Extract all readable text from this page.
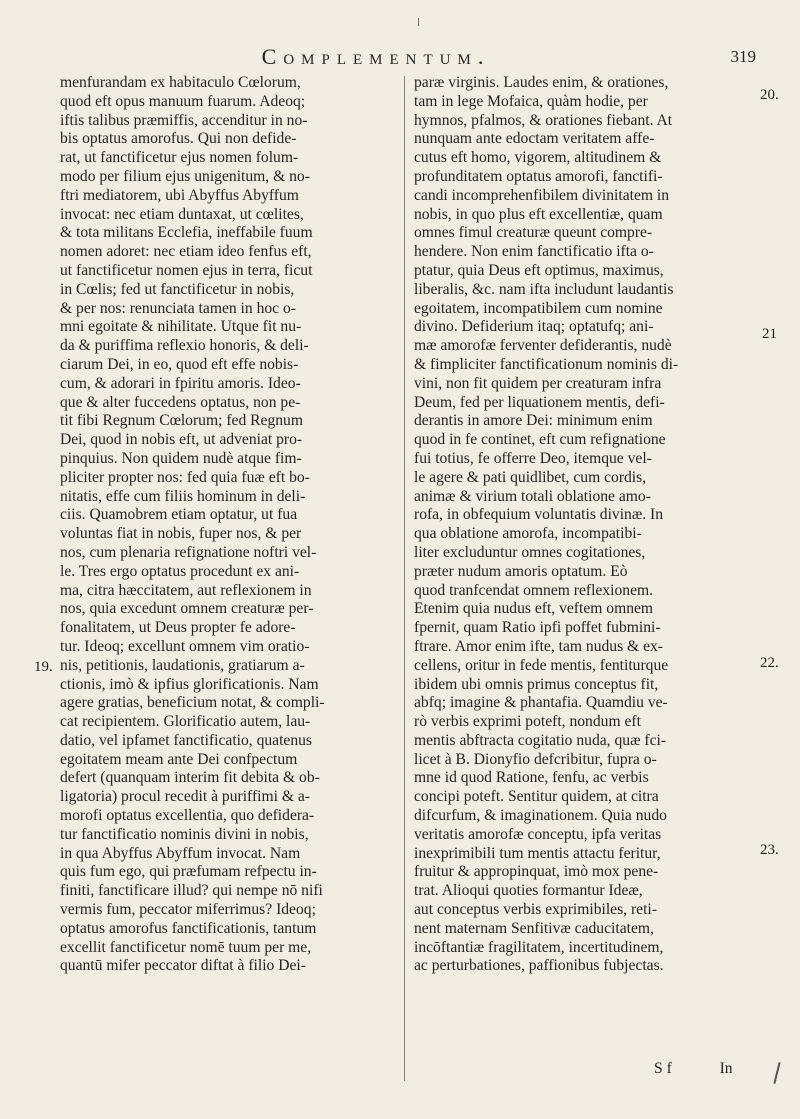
Complementum.	319
menfurandam ex habitaculo Cœlorum,
quod eft opus manuum fuarum. Adeoq;
iftis talibus præmiffis, accenditur in no-
bis optatus amorofus. Qui non defide-
rat, ut fanctificetur ejus nomen folum-
modo per filium ejus unigenitum, & no-
ftri mediatorem, ubi Abyffus Abyffum
invocat: nec etiam duntaxat, ut cœlites,
& tota militans Ecclefia, ineffabile fuum
nomen adoret: nec etiam ideo fenfus eft,
ut fanctificetur nomen ejus in terra, ficut
in Cœlis; fed ut fanctificetur in nobis,
& per nos: renunciata tamen in hoc o-
mni egoitate & nihilitate. Utque fit nu-
da & puriffima reflexio honoris, & deli-
ciarum Dei, in eo, quod eft effe nobis-
cum, & adorari in fpiritu amoris. Ideo-
que & alter fuccedens optatus, non pe-
tit fibi Regnum Cœlorum; fed Regnum
Dei, quod in nobis eft, ut adveniat pro-
pinquius. Non quidem nudè atque fim-
pliciter propter nos: fed quia fuæ eft bo-
nitatis, effe cum filiis hominum in deli-
ciis. Quamobrem etiam optatur, ut fua
voluntas fiat in nobis, fuper nos, & per
nos, cum plenaria refignatione noftri vel-
le. Tres ergo optatus procedunt ex ani-
ma, citra hæccitatem, aut reflexionem in
nos, quia excedunt omnem creaturæ per-
fonalitatem, ut Deus propter fe adore-
tur. Ideoq; excellunt omnem vim oratio-
nis, petitionis, laudationis, gratiarum a-
ctionis, imò & ipfius glorificationis. Nam
agere gratias, beneficium notat, & compli-
cat recipientem. Glorificatio autem, lau-
datio, vel ipfamet fanctificatio, quatenus
egoitatem meam ante Dei confpectum
defert (quanquam interim fit debita & ob-
ligatoria) procul recedit à puriffimi & a-
morofi optatus excellentia, quo defidera-
tur fanctificatio nominis divini in nobis,
in qua Abyffus Abyffum invocat. Nam
quis fum ego, qui præfumam refpectu in-
finiti, fanctificare illud? qui nempe nō nifi
vermis fum, peccator miferrimus? Ideoq;
optatus amorofus fanctificationis, tantum
excellit fanctificetur nomē tuum per me,
quantū mifer peccator diftat à filio Dei-
paræ virginis. Laudes enim, & orationes,
tam in lege Mofaica, quàm hodie, per
hymnos, pfalmos, & orationes fiebant. At
nunquam ante edoctam veritatem affe-
cutus eft homo, vigorem, altitudinem &
profunditatem optatus amorofi, fanctifi-
candi incomprehenfibilem divinitatem in
nobis, in quo plus eft excellentiæ, quam
omnes fimul creaturæ queunt compre-
hendere. Non enim fanctificatio ifta o-
ptatur, quia Deus eft optimus, maximus,
liberalis, &c. nam ifta includunt laudantis
egoitatem, incompatibilem cum nomine
divino. Defiderium itaq; optatufq; ani-
mæ amorofæ ferventer defiderantis, nudè
& fimpliciter fanctificationum nominis di-
vini, non fit quidem per creaturam infra
Deum, fed per liquationem mentis, defi-
derantis in amore Dei: minimum enim
quod in fe continet, eft cum refignatione
fui totius, fe offerre Deo, itemque vel-
le agere & pati quidlibet, cum cordis,
animæ & virium totali oblatione amo-
rofa, in obfequium voluntatis divinæ. In
qua oblatione amorofa, incompatibi-
liter excluduntur omnes cogitationes,
præter nudum amoris optatum. Eò
quod tranfcendat omnem reflexionem.
Etenim quia nudus eft, veftem omnem
fpernit, quam Ratio ipfi poffet fubmini-
ftrare. Amor enim ifte, tam nudus & ex-
cellens, oritur in fede mentis, fentiturque
ibidem ubi omnis primus conceptus fit,
abfq; imagine & phantafia. Quamdiu ve-
rò verbis exprimi poteft, nondum eft
mentis abftracta cogitatio nuda, quæ fci-
licet à B. Dionyfio defcribitur, fupra o-
mne id quod Ratione, fenfu, ac verbis
concipi poteft. Sentitur quidem, at citra
difcurfum, & imaginationem. Quia nudo
veritatis amorofæ conceptu, ipfa veritas
inexprimibili tum mentis attactu feritur,
fruitur & appropinquat, imò mox pene-
trat. Alioqui quoties formantur Ideæ,
aut conceptus verbis exprimibiles, reti-
nent maternam Senfitivæ caducitatem,
incōftantiæ fragilitatem, incertitudinem,
ac perturbationes, paffionibus fubjectas.
19.
20.
21
22.
23.
S f	In
